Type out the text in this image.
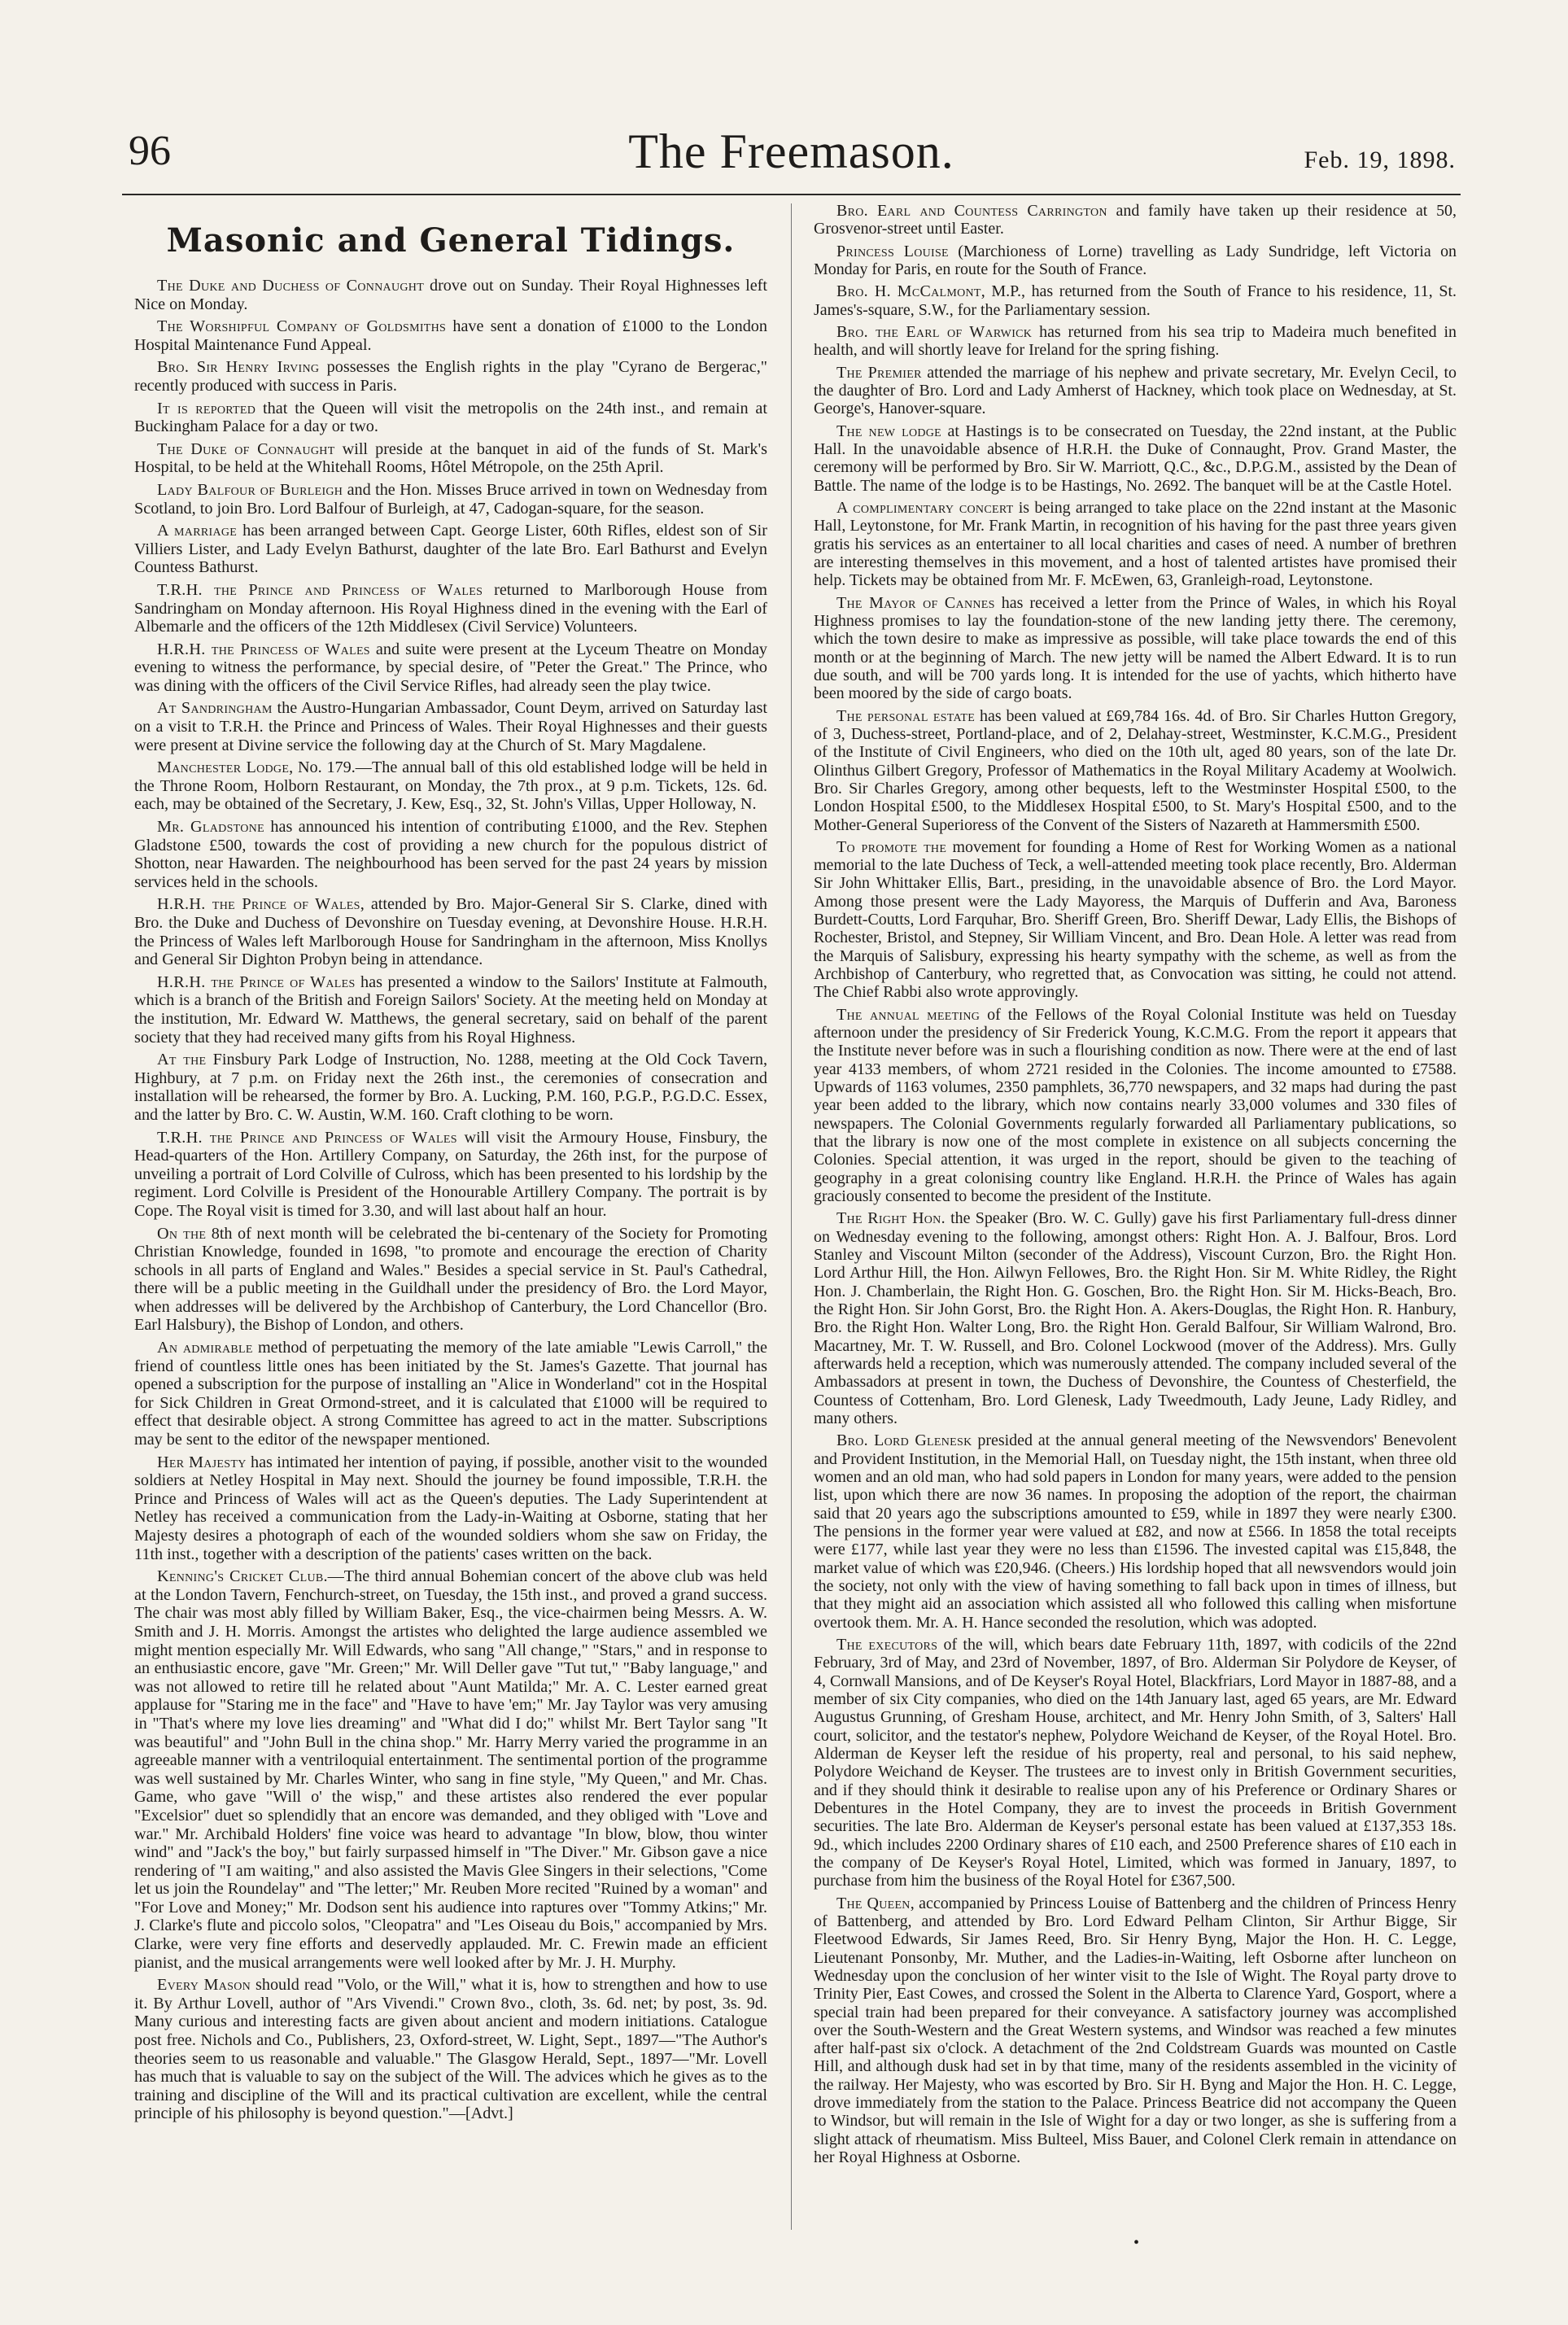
96	The Freemason.	Feb. 19, 1898.
Masonic and General Tidings.

The Duke and Duchess of Connaught drove out on Sunday. Their Royal Highnesses left Nice on Monday.

The Worshipful Company of Goldsmiths have sent a donation of £1000 to the London Hospital Maintenance Fund Appeal.

Bro. Sir Henry Irving possesses the English rights in the play "Cyrano de Bergerac," recently produced with success in Paris.

It is reported that the Queen will visit the metropolis on the 24th inst., and remain at Buckingham Palace for a day or two.

The Duke of Connaught will preside at the banquet in aid of the funds of St. Mark's Hospital, to be held at the Whitehall Rooms, Hôtel Métropole, on the 25th April.

Lady Balfour of Burleigh and the Hon. Misses Bruce arrived in town on Wednesday from Scotland, to join Bro. Lord Balfour of Burleigh, at 47, Cadogan-square, for the season.

A marriage has been arranged between Capt. George Lister, 60th Rifles, eldest son of Sir Villiers Lister, and Lady Evelyn Bathurst, daughter of the late Bro. Earl Bathurst and Evelyn Countess Bathurst.

T.R.H. the Prince and Princess of Wales returned to Marlborough House from Sandringham on Monday afternoon. His Royal Highness dined in the evening with the Earl of Albemarle and the officers of the 12th Middlesex (Civil Service) Volunteers.

H.R.H. the Princess of Wales and suite were present at the Lyceum Theatre on Monday evening to witness the performance, by special desire, of "Peter the Great." The Prince, who was dining with the officers of the Civil Service Rifles, had already seen the play twice.

At Sandringham the Austro-Hungarian Ambassador, Count Deym, arrived on Saturday last on a visit to T.R.H. the Prince and Princess of Wales. Their Royal Highnesses and their guests were present at Divine service the following day at the Church of St. Mary Magdalene.

Manchester Lodge, No. 179.—The annual ball of this old established lodge will be held in the Throne Room, Holborn Restaurant, on Monday, the 7th prox., at 9 p.m. Tickets, 12s. 6d. each, may be obtained of the Secretary, J. Kew, Esq., 32, St. John's Villas, Upper Holloway, N.

Mr. Gladstone has announced his intention of contributing £1000, and the Rev. Stephen Gladstone £500, towards the cost of providing a new church for the populous district of Shotton, near Hawarden. The neighbourhood has been served for the past 24 years by mission services held in the schools.

H.R.H. the Prince of Wales, attended by Bro. Major-General Sir S. Clarke, dined with Bro. the Duke and Duchess of Devonshire on Tuesday evening, at Devonshire House. H.R.H. the Princess of Wales left Marlborough House for Sandringham in the afternoon, Miss Knollys and General Sir Dighton Probyn being in attendance.

H.R.H. the Prince of Wales has presented a window to the Sailors' Institute at Falmouth, which is a branch of the British and Foreign Sailors' Society. At the meeting held on Monday at the institution, Mr. Edward W. Matthews, the general secretary, said on behalf of the parent society that they had received many gifts from his Royal Highness.

At the Finsbury Park Lodge of Instruction, No. 1288, meeting at the Old Cock Tavern, Highbury, at 7 p.m. on Friday next the 26th inst., the ceremonies of consecration and installation will be rehearsed, the former by Bro. A. Lucking, P.M. 160, P.G.P., P.G.D.C. Essex, and the latter by Bro. C. W. Austin, W.M. 160. Craft clothing to be worn.

T.R.H. the Prince and Princess of Wales will visit the Armoury House, Finsbury, the Head-quarters of the Hon. Artillery Company, on Saturday, the 26th inst, for the purpose of unveiling a portrait of Lord Colville of Culross, which has been presented to his lordship by the regiment. Lord Colville is President of the Honourable Artillery Company. The portrait is by Cope. The Royal visit is timed for 3.30, and will last about half an hour.

On the 8th of next month will be celebrated the bi-centenary of the Society for Promoting Christian Knowledge, founded in 1698, "to promote and encourage the erection of Charity schools in all parts of England and Wales." Besides a special service in St. Paul's Cathedral, there will be a public meeting in the Guildhall under the presidency of Bro. the Lord Mayor, when addresses will be delivered by the Archbishop of Canterbury, the Lord Chancellor (Bro. Earl Halsbury), the Bishop of London, and others.

An admirable method of perpetuating the memory of the late amiable "Lewis Carroll," the friend of countless little ones has been initiated by the St. James's Gazette. That journal has opened a subscription for the purpose of installing an "Alice in Wonderland" cot in the Hospital for Sick Children in Great Ormond-street, and it is calculated that £1000 will be required to effect that desirable object. A strong Committee has agreed to act in the matter. Subscriptions may be sent to the editor of the newspaper mentioned.

Her Majesty has intimated her intention of paying, if possible, another visit to the wounded soldiers at Netley Hospital in May next. Should the journey be found impossible, T.R.H. the Prince and Princess of Wales will act as the Queen's deputies. The Lady Superintendent at Netley has received a communication from the Lady-in-Waiting at Osborne, stating that her Majesty desires a photograph of each of the wounded soldiers whom she saw on Friday, the 11th inst., together with a description of the patients' cases written on the back.

Kenning's Cricket Club.—The third annual Bohemian concert of the above club was held at the London Tavern, Fenchurch-street, on Tuesday, the 15th inst., and proved a grand success. The chair was most ably filled by William Baker, Esq., the vice-chairmen being Messrs. A. W. Smith and J. H. Morris. Amongst the artistes who delighted the large audience assembled we might mention especially Mr. Will Edwards, who sang "All change," "Stars," and in response to an enthusiastic encore, gave "Mr. Green;" Mr. Will Deller gave "Tut tut," "Baby language," and was not allowed to retire till he related about "Aunt Matilda;" Mr. A. C. Lester earned great applause for "Staring me in the face" and "Have to have 'em;" Mr. Jay Taylor was very amusing in "That's where my love lies dreaming" and "What did I do;" whilst Mr. Bert Taylor sang "It was beautiful" and "John Bull in the china shop." Mr. Harry Merry varied the programme in an agreeable manner with a ventriloquial entertainment. The sentimental portion of the programme was well sustained by Mr. Charles Winter, who sang in fine style, "My Queen," and Mr. Chas. Game, who gave "Will o' the wisp," and these artistes also rendered the ever popular "Excelsior" duet so splendidly that an encore was demanded, and they obliged with "Love and war." Mr. Archibald Holders' fine voice was heard to advantage "In blow, blow, thou winter wind" and "Jack's the boy," but fairly surpassed himself in "The Diver." Mr. Gibson gave a nice rendering of "I am waiting," and also assisted the Mavis Glee Singers in their selections, "Come let us join the Roundelay" and "The letter;" Mr. Reuben More recited "Ruined by a woman" and "For Love and Money;" Mr. Dodson sent his audience into raptures over "Tommy Atkins;" Mr. J. Clarke's flute and piccolo solos, "Cleopatra" and "Les Oiseau du Bois," accompanied by Mrs. Clarke, were very fine efforts and deservedly applauded. Mr. C. Frewin made an efficient pianist, and the musical arrangements were well looked after by Mr. J. H. Murphy.

Every Mason should read "Volo, or the Will," what it is, how to strengthen and how to use it. By Arthur Lovell, author of "Ars Vivendi." Crown 8vo., cloth, 3s. 6d. net; by post, 3s. 9d. Many curious and interesting facts are given about ancient and modern initiations. Catalogue post free. Nichols and Co., Publishers, 23, Oxford-street, W. Light, Sept., 1897—"The Author's theories seem to us reasonable and valuable." The Glasgow Herald, Sept., 1897—"Mr. Lovell has much that is valuable to say on the subject of the Will. The advices which he gives as to the training and discipline of the Will and its practical cultivation are excellent, while the central principle of his philosophy is beyond question."—[Advt.]

Bro. Earl and Countess Carrington and family have taken up their residence at 50, Grosvenor-street until Easter.

Princess Louise (Marchioness of Lorne) travelling as Lady Sundridge, left Victoria on Monday for Paris, en route for the South of France.

Bro. H. McCalmont, M.P., has returned from the South of France to his residence, 11, St. James's-square, S.W., for the Parliamentary session.

Bro. the Earl of Warwick has returned from his sea trip to Madeira much benefited in health, and will shortly leave for Ireland for the spring fishing.

The Premier attended the marriage of his nephew and private secretary, Mr. Evelyn Cecil, to the daughter of Bro. Lord and Lady Amherst of Hackney, which took place on Wednesday, at St. George's, Hanover-square.

The new lodge at Hastings is to be consecrated on Tuesday, the 22nd instant, at the Public Hall. In the unavoidable absence of H.R.H. the Duke of Connaught, Prov. Grand Master, the ceremony will be performed by Bro. Sir W. Marriott, Q.C., &c., D.P.G.M., assisted by the Dean of Battle. The name of the lodge is to be Hastings, No. 2692. The banquet will be at the Castle Hotel.

A complimentary concert is being arranged to take place on the 22nd instant at the Masonic Hall, Leytonstone, for Mr. Frank Martin, in recognition of his having for the past three years given gratis his services as an entertainer to all local charities and cases of need. A number of brethren are interesting themselves in this movement, and a host of talented artistes have promised their help. Tickets may be obtained from Mr. F. McEwen, 63, Granleigh-road, Leytonstone.

The Mayor of Cannes has received a letter from the Prince of Wales, in which his Royal Highness promises to lay the foundation-stone of the new landing jetty there. The ceremony, which the town desire to make as impressive as possible, will take place towards the end of this month or at the beginning of March. The new jetty will be named the Albert Edward. It is to run due south, and will be 700 yards long. It is intended for the use of yachts, which hitherto have been moored by the side of cargo boats.

The personal estate has been valued at £69,784 16s. 4d. of Bro. Sir Charles Hutton Gregory, of 3, Duchess-street, Portland-place, and of 2, Delahay-street, Westminster, K.C.M.G., President of the Institute of Civil Engineers, who died on the 10th ult, aged 80 years, son of the late Dr. Olinthus Gilbert Gregory, Professor of Mathematics in the Royal Military Academy at Woolwich. Bro. Sir Charles Gregory, among other bequests, left to the Westminster Hospital £500, to the London Hospital £500, to the Middlesex Hospital £500, to St. Mary's Hospital £500, and to the Mother-General Superioress of the Convent of the Sisters of Nazareth at Hammersmith £500.

To promote the movement for founding a Home of Rest for Working Women as a national memorial to the late Duchess of Teck, a well-attended meeting took place recently, Bro. Alderman Sir John Whittaker Ellis, Bart., presiding, in the unavoidable absence of Bro. the Lord Mayor. Among those present were the Lady Mayoress, the Marquis of Dufferin and Ava, Baroness Burdett-Coutts, Lord Farquhar, Bro. Sheriff Green, Bro. Sheriff Dewar, Lady Ellis, the Bishops of Rochester, Bristol, and Stepney, Sir William Vincent, and Bro. Dean Hole. A letter was read from the Marquis of Salisbury, expressing his hearty sympathy with the scheme, as well as from the Archbishop of Canterbury, who regretted that, as Convocation was sitting, he could not attend. The Chief Rabbi also wrote approvingly.

The annual meeting of the Fellows of the Royal Colonial Institute was held on Tuesday afternoon under the presidency of Sir Frederick Young, K.C.M.G. From the report it appears that the Institute never before was in such a flourishing condition as now. There were at the end of last year 4133 members, of whom 2721 resided in the Colonies. The income amounted to £7588. Upwards of 1163 volumes, 2350 pamphlets, 36,770 newspapers, and 32 maps had during the past year been added to the library, which now contains nearly 33,000 volumes and 330 files of newspapers. The Colonial Governments regularly forwarded all Parliamentary publications, so that the library is now one of the most complete in existence on all subjects concerning the Colonies. Special attention, it was urged in the report, should be given to the teaching of geography in a great colonising country like England. H.R.H. the Prince of Wales has again graciously consented to become the president of the Institute.

The Right Hon. the Speaker (Bro. W. C. Gully) gave his first Parliamentary full-dress dinner on Wednesday evening to the following, amongst others: Right Hon. A. J. Balfour, Bros. Lord Stanley and Viscount Milton (seconder of the Address), Viscount Curzon, Bro. the Right Hon. Lord Arthur Hill, the Hon. Ailwyn Fellowes, Bro. the Right Hon. Sir M. White Ridley, the Right Hon. J. Chamberlain, the Right Hon. G. Goschen, Bro. the Right Hon. Sir M. Hicks-Beach, Bro. the Right Hon. Sir John Gorst, Bro. the Right Hon. A. Akers-Douglas, the Right Hon. R. Hanbury, Bro. the Right Hon. Walter Long, Bro. the Right Hon. Gerald Balfour, Sir William Walrond, Bro. Macartney, Mr. T. W. Russell, and Bro. Colonel Lockwood (mover of the Address). Mrs. Gully afterwards held a reception, which was numerously attended. The company included several of the Ambassadors at present in town, the Duchess of Devonshire, the Countess of Chesterfield, the Countess of Cottenham, Bro. Lord Glenesk, Lady Tweedmouth, Lady Jeune, Lady Ridley, and many others.

Bro. Lord Glenesk presided at the annual general meeting of the Newsvendors' Benevolent and Provident Institution, in the Memorial Hall, on Tuesday night, the 15th instant, when three old women and an old man, who had sold papers in London for many years, were added to the pension list, upon which there are now 36 names. In proposing the adoption of the report, the chairman said that 20 years ago the subscriptions amounted to £59, while in 1897 they were nearly £300. The pensions in the former year were valued at £82, and now at £566. In 1858 the total receipts were £177, while last year they were no less than £1596. The invested capital was £15,848, the market value of which was £20,946. (Cheers.) His lordship hoped that all newsvendors would join the society, not only with the view of having something to fall back upon in times of illness, but that they might aid an association which assisted all who followed this calling when misfortune overtook them. Mr. A. H. Hance seconded the resolution, which was adopted.

The executors of the will, which bears date February 11th, 1897, with codicils of the 22nd February, 3rd of May, and 23rd of November, 1897, of Bro. Alderman Sir Polydore de Keyser, of 4, Cornwall Mansions, and of De Keyser's Royal Hotel, Blackfriars, Lord Mayor in 1887-88, and a member of six City companies, who died on the 14th January last, aged 65 years, are Mr. Edward Augustus Grunning, of Gresham House, architect, and Mr. Henry John Smith, of 3, Salters' Hall court, solicitor, and the testator's nephew, Polydore Weichand de Keyser, of the Royal Hotel. Bro. Alderman de Keyser left the residue of his property, real and personal, to his said nephew, Polydore Weichand de Keyser. The trustees are to invest only in British Government securities, and if they should think it desirable to realise upon any of his Preference or Ordinary Shares or Debentures in the Hotel Company, they are to invest the proceeds in British Government securities. The late Bro. Alderman de Keyser's personal estate has been valued at £137,353 18s. 9d., which includes 2200 Ordinary shares of £10 each, and 2500 Preference shares of £10 each in the company of De Keyser's Royal Hotel, Limited, which was formed in January, 1897, to purchase from him the business of the Royal Hotel for £367,500.

The Queen, accompanied by Princess Louise of Battenberg and the children of Princess Henry of Battenberg, and attended by Bro. Lord Edward Pelham Clinton, Sir Arthur Bigge, Sir Fleetwood Edwards, Sir James Reed, Bro. Sir Henry Byng, Major the Hon. H. C. Legge, Lieutenant Ponsonby, Mr. Muther, and the Ladies-in-Waiting, left Osborne after luncheon on Wednesday upon the conclusion of her winter visit to the Isle of Wight. The Royal party drove to Trinity Pier, East Cowes, and crossed the Solent in the Alberta to Clarence Yard, Gosport, where a special train had been prepared for their conveyance. A satisfactory journey was accomplished over the South-Western and the Great Western systems, and Windsor was reached a few minutes after half-past six o'clock. A detachment of the 2nd Coldstream Guards was mounted on Castle Hill, and although dusk had set in by that time, many of the residents assembled in the vicinity of the railway. Her Majesty, who was escorted by Bro. Sir H. Byng and Major the Hon. H. C. Legge, drove immediately from the station to the Palace. Princess Beatrice did not accompany the Queen to Windsor, but will remain in the Isle of Wight for a day or two longer, as she is suffering from a slight attack of rheumatism. Miss Bulteel, Miss Bauer, and Colonel Clerk remain in attendance on her Royal Highness at Osborne.

•
